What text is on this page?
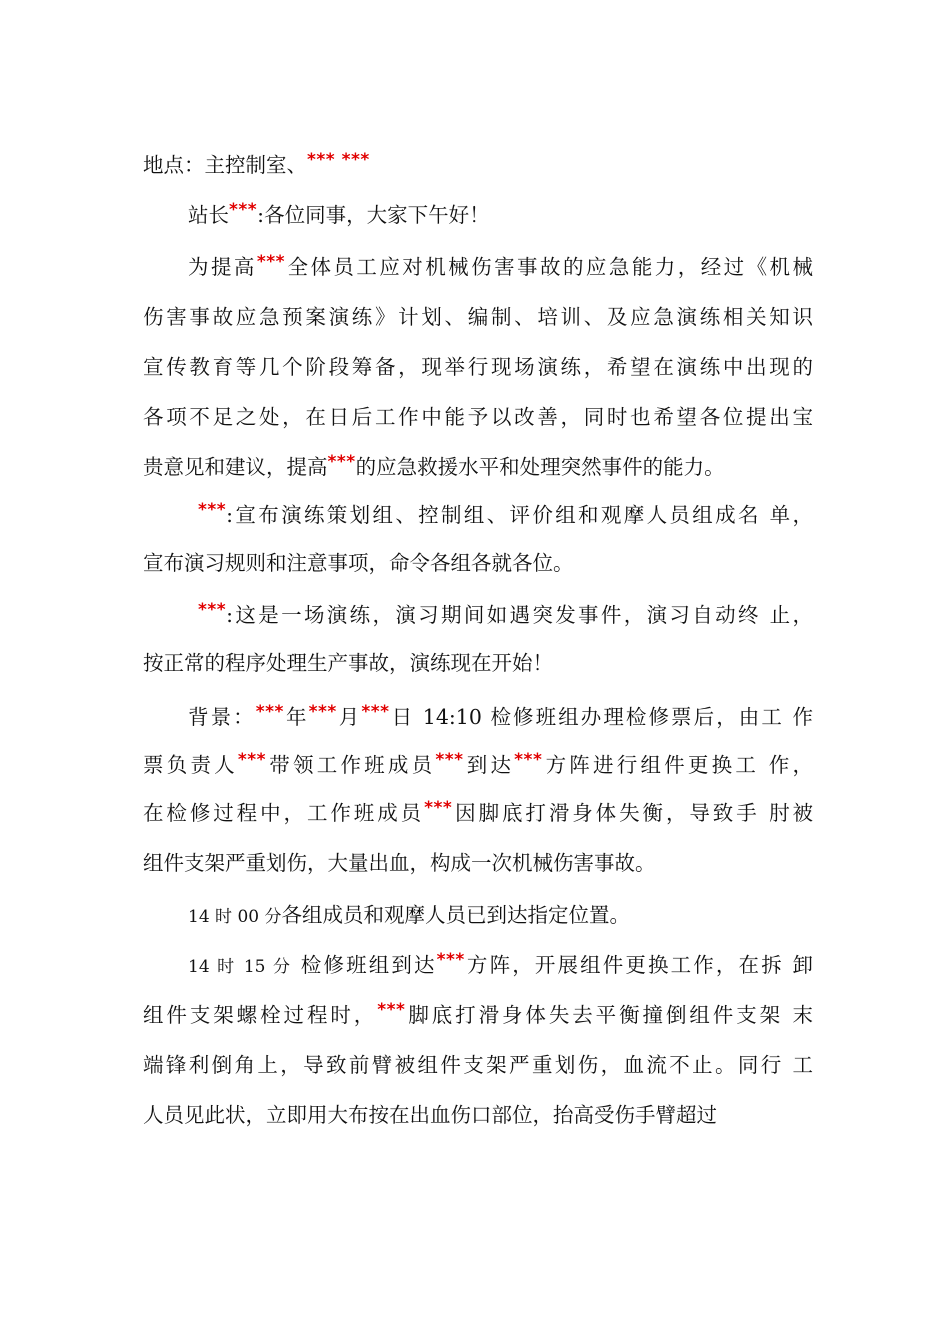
地点：主控制室、*** ***
站长***:各位同事，大家下午好！
为提高***全体员工应对机械伤害事故的应急能力，经过《机械
伤害事故应急预案演练》计划、编制、培训、及应急演练相关知识
宣传教育等几个阶段筹备，现举行现场演练，希望在演练中出现的
各项不足之处，在日后工作中能予以改善，同时也希望各位提出宝
贵意见和建议，提高***的应急救援水平和处理突然事件的能力。
***:宣布演练策划组、控制组、评价组和观摩人员组成名 单，
宣布演习规则和注意事项，命令各组各就各位。
***:这是一场演练，演习期间如遇突发事件，演习自动终 止，
按正常的程序处理生产事故，演练现在开始！
背景：***年***月***日 14:10 检修班组办理检修票后，由工 作
票负责人***带领工作班成员***到达***方阵进行组件更换工 作，
在检修过程中，工作班成员***因脚底打滑身体失衡，导致手 肘被
组件支架严重划伤，大量出血，构成一次机械伤害事故。
14 时 00 分各组成员和观摩人员已到达指定位置。
14 时 15 分 检修班组到达***方阵，开展组件更换工作，在拆 卸
组件支架螺栓过程时，***脚底打滑身体失去平衡撞倒组件支架 末
端锋利倒角上，导致前臂被组件支架严重划伤，血流不止。同行 工
人员见此状，立即用大布按在出血伤口部位，抬高受伤手臂超过
